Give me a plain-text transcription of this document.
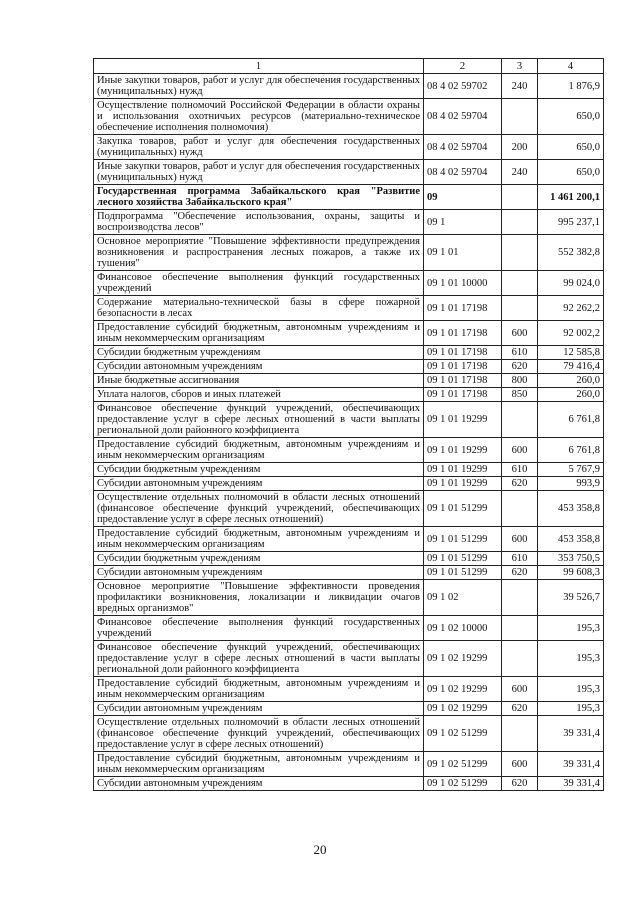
1	2	3	4
Иные закупки товаров, работ и услуг для обеспечения государственных (муниципальных) нужд	08 4 02 59702	240	1 876,9
Осуществление полномочий Российской Федерации в области охраны и использования охотничьих ресурсов (материально-техническое обеспечение исполнения полномочия)	08 4 02 59704		650,0
Закупка товаров, работ и услуг для обеспечения государственных (муниципальных) нужд	08 4 02 59704	200	650,0
Иные закупки товаров, работ и услуг для обеспечения государственных (муниципальных) нужд	08 4 02 59704	240	650,0
Государственная программа Забайкальского края "Развитие лесного хозяйства Забайкальского края"	09		1 461 200,1
Подпрограмма "Обеспечение использования, охраны, защиты и воспроизводства лесов"	09 1		995 237,1
Основное мероприятие "Повышение эффективности предупреждения возникновения и распространения лесных пожаров, а также их тушения"	09 1 01		552 382,8
Финансовое обеспечение выполнения функций государственных учреждений	09 1 01 10000		99 024,0
Содержание материально-технической базы в сфере пожарной безопасности в лесах	09 1 01 17198		92 262,2
Предоставление субсидий бюджетным, автономным учреждениям и иным некоммерческим организациям	09 1 01 17198	600	92 002,2
Субсидии бюджетным учреждениям	09 1 01 17198	610	12 585,8
Субсидии автономным учреждениям	09 1 01 17198	620	79 416,4
Иные бюджетные ассигнования	09 1 01 17198	800	260,0
Уплата налогов, сборов и иных платежей	09 1 01 17198	850	260,0
Финансовое обеспечение функций учреждений, обеспечивающих предоставление услуг в сфере лесных отношений в части выплаты региональной доли районного коэффициента	09 1 01 19299		6 761,8
Предоставление субсидий бюджетным, автономным учреждениям и иным некоммерческим организациям	09 1 01 19299	600	6 761,8
Субсидии бюджетным учреждениям	09 1 01 19299	610	5 767,9
Субсидии автономным учреждениям	09 1 01 19299	620	993,9
Осуществление отдельных полномочий в области лесных отношений (финансовое обеспечение функций учреждений, обеспечивающих предоставление услуг в сфере лесных отношений)	09 1 01 51299		453 358,8
Предоставление субсидий бюджетным, автономным учреждениям и иным некоммерческим организациям	09 1 01 51299	600	453 358,8
Субсидии бюджетным учреждениям	09 1 01 51299	610	353 750,5
Субсидии автономным учреждениям	09 1 01 51299	620	99 608,3
Основное мероприятие "Повышение эффективности проведения профилактики возникновения, локализации и ликвидации очагов вредных организмов"	09 1 02		39 526,7
Финансовое обеспечение выполнения функций государственных учреждений	09 1 02 10000		195,3
Финансовое обеспечение функций учреждений, обеспечивающих предоставление услуг в сфере лесных отношений в части выплаты региональной доли районного коэффициента	09 1 02 19299		195,3
Предоставление субсидий бюджетным, автономным учреждениям и иным некоммерческим организациям	09 1 02 19299	600	195,3
Субсидии автономным учреждениям	09 1 02 19299	620	195,3
Осуществление отдельных полномочий в области лесных отношений (финансовое обеспечение функций учреждений, обеспечивающих предоставление услуг в сфере лесных отношений)	09 1 02 51299		39 331,4
Предоставление субсидий бюджетным, автономным учреждениям и иным некоммерческим организациям	09 1 02 51299	600	39 331,4
Субсидии автономным учреждениям	09 1 02 51299	620	39 331,4
20
